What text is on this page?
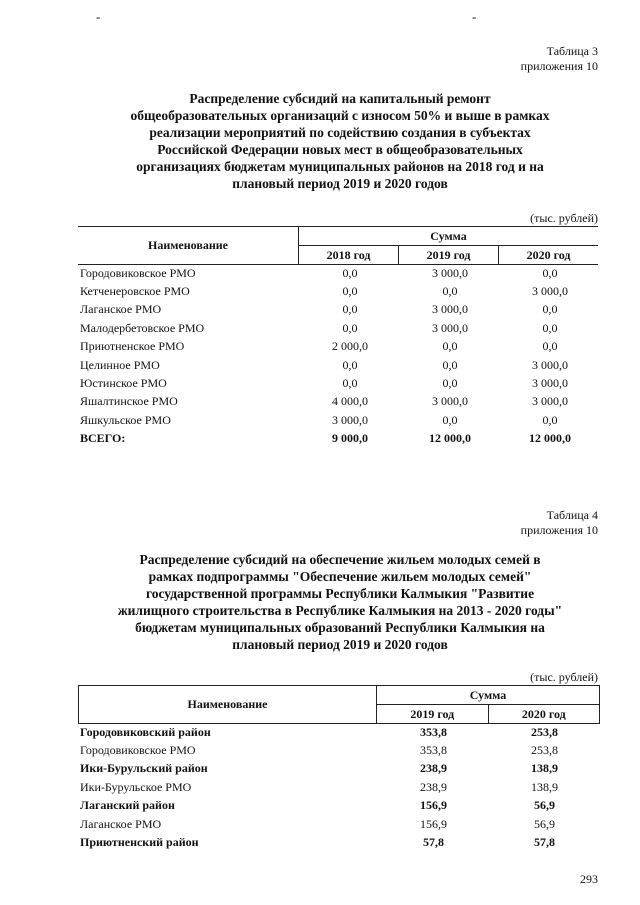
-	-
Таблица 3
приложения 10
Распределение субсидий на капитальный ремонт
общеобразовательных организаций с износом 50% и выше в рамках
реализации мероприятий по содействию создания в субъектах
Российской Федерации новых мест в общеобразовательных
организациях бюджетам муниципальных районов на 2018 год и на
плановый период 2019 и 2020 годов
(тыс. рублей)
Наименование
Сумма
2018 год	2019 год	2020 год
Городовиковское РМО	0,0	3 000,0	0,0
Кетченеровское РМО	0,0	0,0	3 000,0
Лаганское РМО	0,0	3 000,0	0,0
Малодербетовское РМО	0,0	3 000,0	0,0
Приютненское РМО	2 000,0	0,0	0,0
Целинное РМО	0,0	0,0	3 000,0
Юстинское РМО	0,0	0,0	3 000,0
Яшалтинское РМО	4 000,0	3 000,0	3 000,0
Яшкульское РМО	3 000,0	0,0	0,0
ВСЕГО:	9 000,0	12 000,0	12 000,0
Таблица 4
приложения 10
Распределение субсидий на обеспечение жильем молодых семей в
рамках подпрограммы "Обеспечение жильем молодых семей"
государственной программы Республики Калмыкия "Развитие
жилищного строительства в Республике Калмыкия на 2013 - 2020 годы"
бюджетам муниципальных образований Республики Калмыкия на
плановый период 2019 и 2020 годов
(тыс. рублей)
Наименование
Сумма
2019 год	2020 год
Городовиковский район	353,8	253,8
Городовиковское РМО	353,8	253,8
Ики-Бурульский район	238,9	138,9
Ики-Бурульское РМО	238,9	138,9
Лаганский район	156,9	56,9
Лаганское РМО	156,9	56,9
Приютненский район	57,8	57,8
293
